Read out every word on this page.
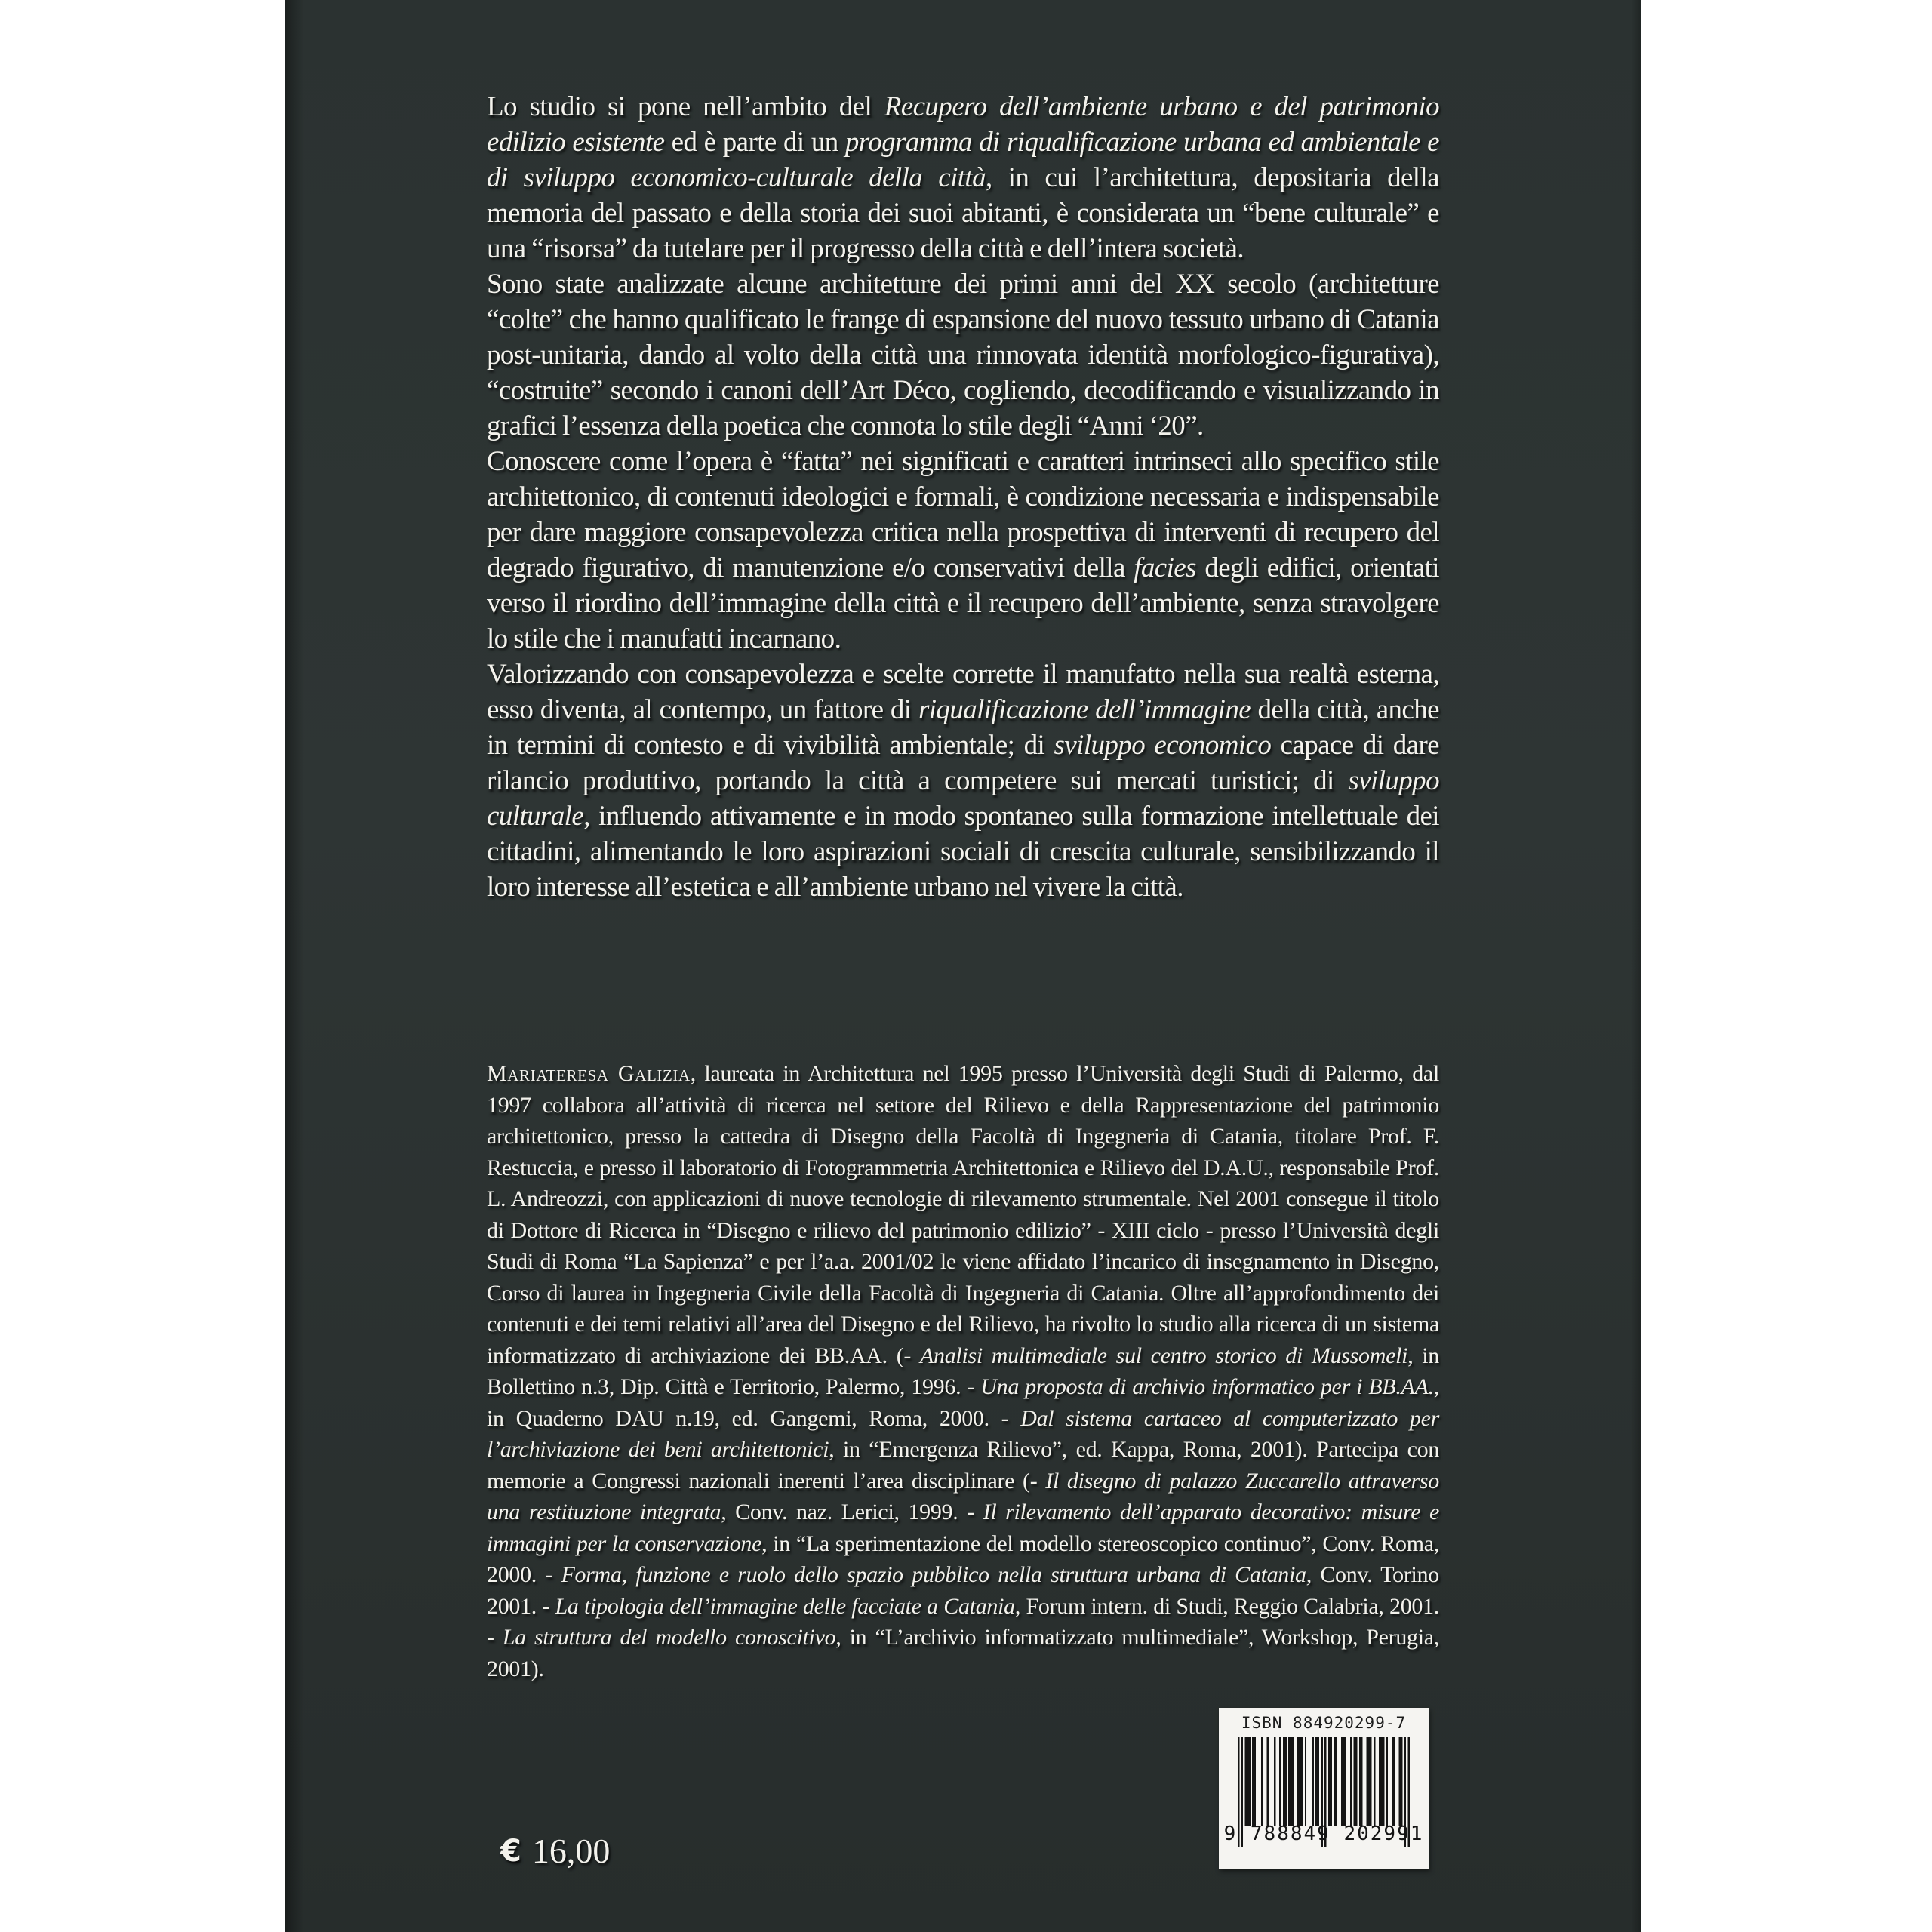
Lo studio si pone nell’ambito del Recupero dell’ambiente urbano e del patrimonio edilizio esistente ed è parte di un programma di riqualificazione urbana ed ambientale e di sviluppo economico-culturale della città, in cui l’architettura, depositaria della memoria del passato e della storia dei suoi abitanti, è considerata un “bene culturale” e una “risorsa” da tutelare per il progresso della città e dell’intera società.

Sono state analizzate alcune architetture dei primi anni del XX secolo (architetture “colte” che hanno qualificato le frange di espansione del nuovo tessuto urbano di Catania post-unitaria, dando al volto della città una rinnovata identità morfologico-figurativa), “costruite” secondo i canoni dell’Art Déco, cogliendo, decodificando e visualizzando in grafici l’essenza della poetica che connota lo stile degli “Anni ‘20”.

Conoscere come l’opera è “fatta” nei significati e caratteri intrinseci allo specifico stile architettonico, di contenuti ideologici e formali, è condizione necessaria e indispensabile per dare maggiore consapevolezza critica nella prospettiva di interventi di recupero del degrado figurativo, di manutenzione e/o conservativi della facies degli edifici, orientati verso il riordino dell’immagine della città e il recupero dell’ambiente, senza stravolgere lo stile che i manufatti incarnano.

Valorizzando con consapevolezza e scelte corrette il manufatto nella sua realtà esterna, esso diventa, al contempo, un fattore di riqualificazione dell’immagine della città, anche in termini di contesto e di vivibilità ambientale; di sviluppo economico capace di dare rilancio produttivo, portando la città a competere sui mercati turistici; di sviluppo culturale, influendo attivamente e in modo spontaneo sulla formazione intellettuale dei cittadini, alimentando le loro aspirazioni sociali di crescita culturale, sensibilizzando il loro interesse all’estetica e all’ambiente urbano nel vivere la città.

Mariateresa Galizia, laureata in Architettura nel 1995 presso l’Università degli Studi di Palermo, dal 1997 collabora all’attività di ricerca nel settore del Rilievo e della Rappresentazione del patrimonio architettonico, presso la cattedra di Disegno della Facoltà di Ingegneria di Catania, titolare Prof. F. Restuccia, e presso il laboratorio di Fotogrammetria Architettonica e Rilievo del D.A.U., responsabile Prof. L. Andreozzi, con applicazioni di nuove tecnologie di rilevamento strumentale. Nel 2001 consegue il titolo di Dottore di Ricerca in “Disegno e rilievo del patrimonio edilizio” - XIII ciclo - presso l’Università degli Studi di Roma “La Sapienza” e per l’a.a. 2001/02 le viene affidato l’incarico di insegnamento in Disegno, Corso di laurea in Ingegneria Civile della Facoltà di Ingegneria di Catania. Oltre all’approfondimento dei contenuti e dei temi relativi all’area del Disegno e del Rilievo, ha rivolto lo studio alla ricerca di un sistema informatizzato di archiviazione dei BB.AA. (- Analisi multimediale sul centro storico di Mussomeli, in Bollettino n.3, Dip. Città e Territorio, Palermo, 1996. - Una proposta di archivio informatico per i BB.AA., in Quaderno DAU n.19, ed. Gangemi, Roma, 2000. - Dal sistema cartaceo al computerizzato per l’archiviazione dei beni architettonici, in “Emergenza Rilievo”, ed. Kappa, Roma, 2001). Partecipa con memorie a Congressi nazionali inerenti l’area disciplinare (- Il disegno di palazzo Zuccarello attraverso una restituzione integrata, Conv. naz. Lerici, 1999. - Il rilevamento dell’apparato decorativo: misure e immagini per la conservazione, in “La sperimentazione del modello stereoscopico continuo”, Conv. Roma, 2000. - Forma, funzione e ruolo dello spazio pubblico nella struttura urbana di Catania, Conv. Torino 2001. - La tipologia dell’immagine delle facciate a Catania, Forum intern. di Studi, Reggio Calabria, 2001. - La struttura del modello conoscitivo, in “L’archivio informatizzato multimediale”, Workshop, Perugia, 2001).

€ 16,00
ISBN 884920299-7
9 788849 202991
